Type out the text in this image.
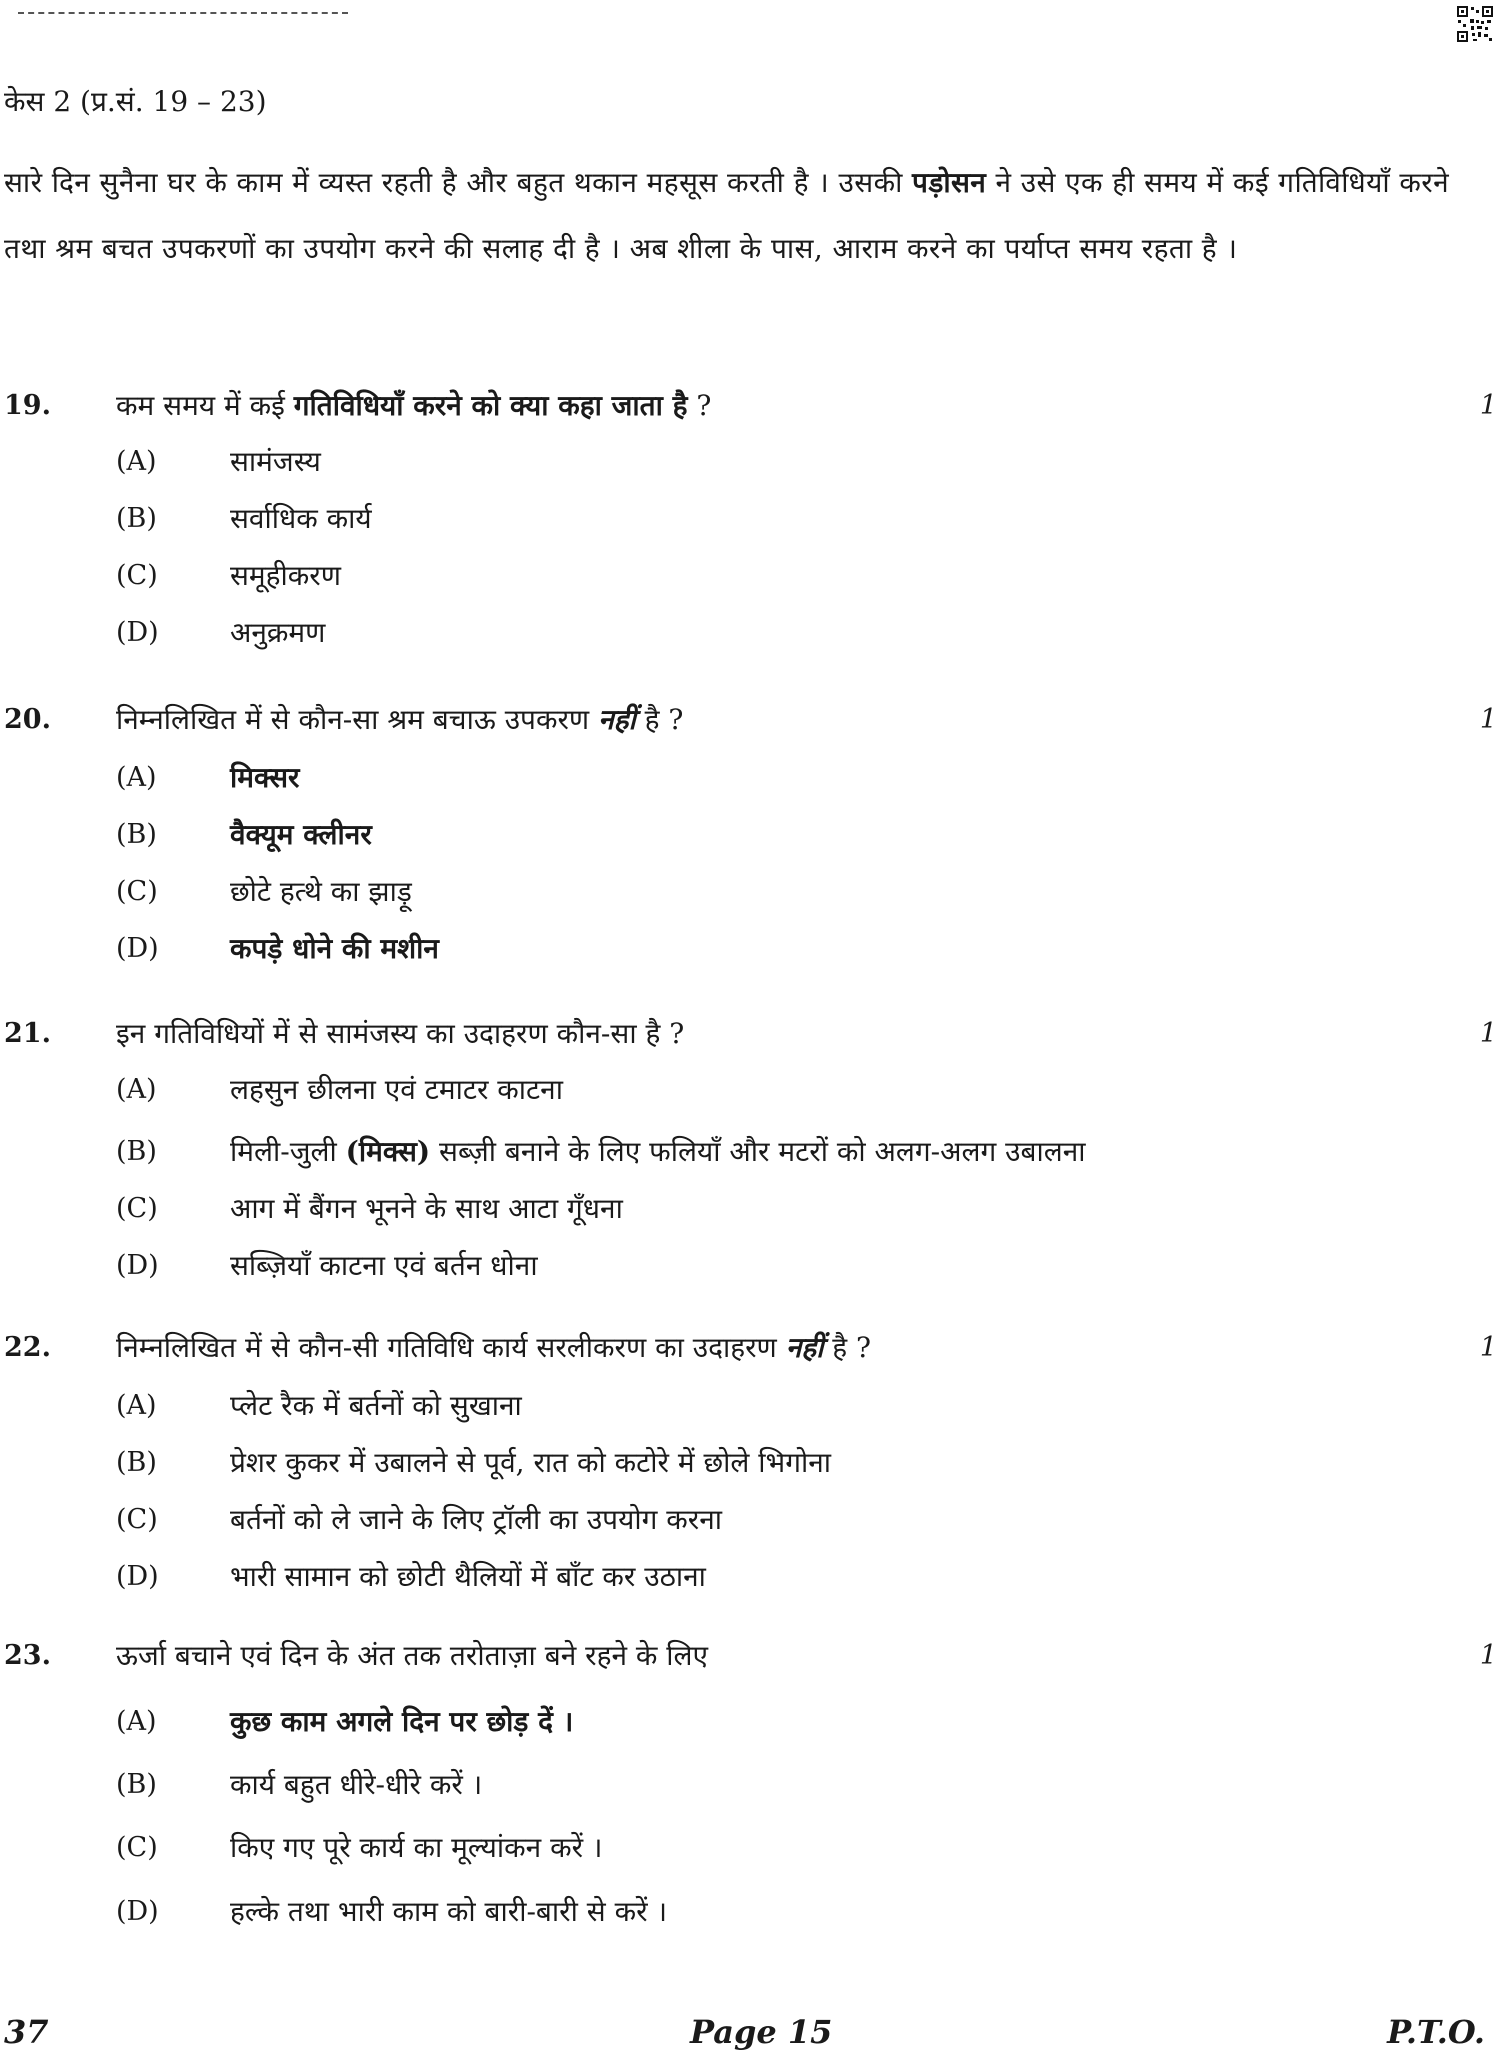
केस 2 (प्र.सं. 19 – 23)

सारे दिन सुनैना घर के काम में व्यस्त रहती है और बहुत थकान महसूस करती है । उसकी पड़ोसन ने उसे एक ही समय में कई गतिविधियाँ करने तथा श्रम बचत उपकरणों का उपयोग करने की सलाह दी है । अब शीला के पास, आराम करने का पर्याप्त समय रहता है ।

19. कम समय में कई गतिविधियाँ करने को क्या कहा जाता है ?	1
(A)	सामंजस्य
(B)	सर्वाधिक कार्य
(C)	समूहीकरण
(D)	अनुक्रमण
20. निम्नलिखित में से कौन-सा श्रम बचाऊ उपकरण नहीं है ?	1
(A)	मिक्सर
(B)	वैक्यूम क्लीनर
(C)	छोटे हत्थे का झाड़ू
(D)	कपड़े धोने की मशीन
21. इन गतिविधियों में से सामंजस्य का उदाहरण कौन-सा है ?	1
(A)	लहसुन छीलना एवं टमाटर काटना
(B)	मिली-जुली (मिक्स) सब्ज़ी बनाने के लिए फलियाँ और मटरों को अलग-अलग उबालना
(C)	आग में बैंगन भूनने के साथ आटा गूँधना
(D)	सब्ज़ियाँ काटना एवं बर्तन धोना
22. निम्नलिखित में से कौन-सी गतिविधि कार्य सरलीकरण का उदाहरण नहीं है ?	1
(A)	प्लेट रैक में बर्तनों को सुखाना
(B)	प्रेशर कुकर में उबालने से पूर्व, रात को कटोरे में छोले भिगोना
(C)	बर्तनों को ले जाने के लिए ट्रॉली का उपयोग करना
(D)	भारी सामान को छोटी थैलियों में बाँट कर उठाना
23. ऊर्जा बचाने एवं दिन के अंत तक तरोताज़ा बने रहने के लिए	1
(A)	कुछ काम अगले दिन पर छोड़ दें ।
(B)	कार्य बहुत धीरे-धीरे करें ।
(C)	किए गए पूरे कार्य का मूल्यांकन करें ।
(D)	हल्के तथा भारी काम को बारी-बारी से करें ।
37	Page 15	P.T.O.
